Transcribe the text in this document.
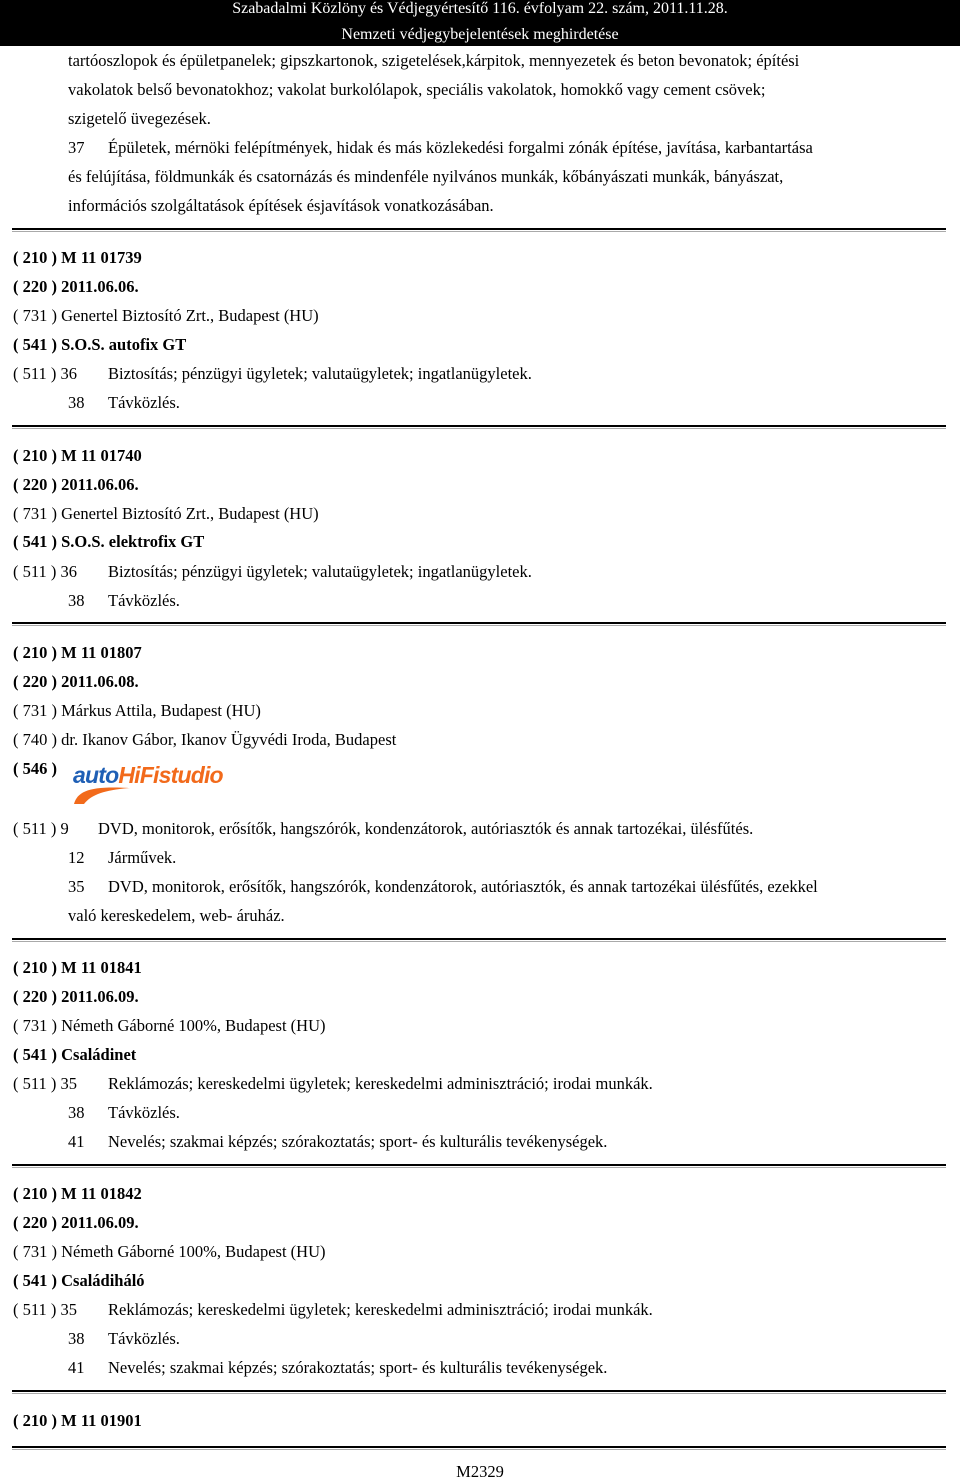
Szabadalmi Közlöny és Védjegyértesítő 116. évfolyam 22. szám, 2011.11.28.
Nemzeti védjegybejelentések meghirdetése
tartóoszlopok és épületpanelek; gipszkartonok, szigetelések,kárpitok, mennyezetek és beton bevonatok; építési
vakolatok belső bevonatokhoz; vakolat burkolólapok, speciális vakolatok, homokkő vagy cement csövek;
szigetelő üvegezések.
37 Épületek, mérnöki felépítmények, hidak és más közlekedési forgalmi zónák építése, javítása, karbantartása
és felújítása, földmunkák és csatornázás és mindenféle nyilvános munkák, kőbányászati munkák, bányászat,
információs szolgáltatások építések ésjavítások vonatkozásában.
( 210 ) M 11 01739
( 220 ) 2011.06.06.
( 731 ) Genertel Biztosító Zrt., Budapest (HU)
( 541 ) S.O.S. autofix GT
( 511 ) 36 Biztosítás; pénzügyi ügyletek; valutaügyletek; ingatlanügyletek.
38 Távközlés.
( 210 ) M 11 01740
( 220 ) 2011.06.06.
( 731 ) Genertel Biztosító Zrt., Budapest (HU)
( 541 ) S.O.S. elektrofix GT
( 511 ) 36 Biztosítás; pénzügyi ügyletek; valutaügyletek; ingatlanügyletek.
38 Távközlés.
( 210 ) M 11 01807
( 220 ) 2011.06.08.
( 731 ) Márkus Attila, Budapest (HU)
( 740 ) dr. Ikanov Gábor, Ikanov Ügyvédi Iroda, Budapest
( 546 ) autoHiFistudio
( 511 ) 9 DVD, monitorok, erősítők, hangszórók, kondenzátorok, autóriasztók és annak tartozékai, ülésfűtés.
12 Járművek.
35 DVD, monitorok, erősítők, hangszórók, kondenzátorok, autóriasztók, és annak tartozékai ülésfűtés, ezekkel
való kereskedelem, web- áruház.
( 210 ) M 11 01841
( 220 ) 2011.06.09.
( 731 ) Németh Gáborné 100%, Budapest (HU)
( 541 ) Családinet
( 511 ) 35 Reklámozás; kereskedelmi ügyletek; kereskedelmi adminisztráció; irodai munkák.
38 Távközlés.
41 Nevelés; szakmai képzés; szórakoztatás; sport- és kulturális tevékenységek.
( 210 ) M 11 01842
( 220 ) 2011.06.09.
( 731 ) Németh Gáborné 100%, Budapest (HU)
( 541 ) Családiháló
( 511 ) 35 Reklámozás; kereskedelmi ügyletek; kereskedelmi adminisztráció; irodai munkák.
38 Távközlés.
41 Nevelés; szakmai képzés; szórakoztatás; sport- és kulturális tevékenységek.
( 210 ) M 11 01901
M2329
